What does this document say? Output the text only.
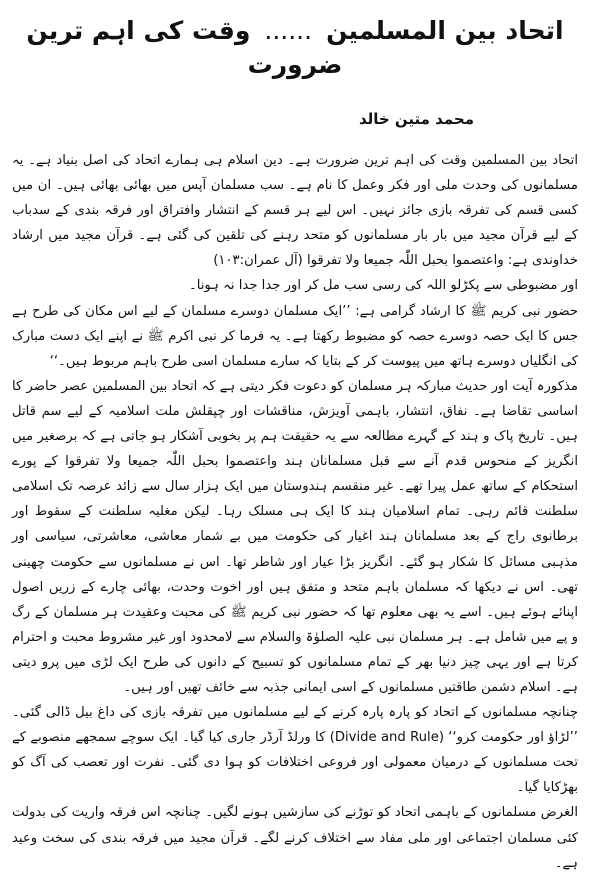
اتحاد بین المسلمین......وقت کی اہم ترین ضرورت
محمد متین خالد

اتحاد بین المسلمین وقت کی اہم ترین ضرورت ہے۔ دین اسلام ہی ہمارے اتحاد کی اصل بنیاد ہے۔ یہ مسلمانوں کی وحدت ملی اور فکر وعمل کا نام ہے۔ سب مسلمان آپس میں بھائی بھائی ہیں۔ ان میں کسی قسم کی تفرقہ بازی جائز نہیں۔ اس لیے ہر قسم کے انتشار وافتراق اور فرقہ بندی کے سدباب کے لیے قرآن مجید میں بار بار مسلمانوں کو متحد رہنے کی تلقین کی گئی ہے۔ قرآن مجید میں ارشاد خداوندی ہے: واعتصموا بحبل اللّٰہ جمیعا ولا تفرقوا (آل عمران:۱۰۳)

اور مضبوطی سے پکڑلو اللہ کی رسی سب مل کر اور جدا جدا نہ ہونا۔

حضور نبی کریم ﷺ کا ارشاد گرامی ہے: ’’ایک مسلمان دوسرے مسلمان کے لیے اس مکان کی طرح ہے جس کا ایک حصہ دوسرے حصہ کو مضبوط رکھتا ہے۔ یہ فرما کر نبی اکرم ﷺ نے اپنے ایک دست مبارک کی انگلیاں دوسرے ہاتھ میں پیوست کر کے بتایا کہ سارے مسلمان اسی طرح باہم مربوط ہیں۔‘‘

مذکورہ آیت اور حدیث مبارکہ ہر مسلمان کو دعوت فکر دیتی ہے کہ اتحاد بین المسلمین عصر حاضر کا اساسی تقاضا ہے۔ نفاق، انتشار، باہمی آویزش، مناقشات اور چپقلش ملت اسلامیہ کے لیے سم قاتل ہیں۔ تاریخ پاک و ہند کے گہرے مطالعہ سے یہ حقیقت ہم پر بخوبی آشکار ہو جاتی ہے کہ برصغیر میں انگریز کے منحوس قدم آنے سے قبل مسلمانان ہند واعتصموا بحبل اللّٰہ جمیعا ولا تفرقوا کے پورے استحکام کے ساتھ عمل پیرا تھے۔ غیر منقسم ہندوستان میں ایک ہزار سال سے زائد عرصہ تک اسلامی سلطنت قائم رہی۔ تمام اسلامیان ہند کا ایک ہی مسلک رہا۔ لیکن مغلیہ سلطنت کے سقوط اور برطانوی راج کے بعد مسلمانان ہند اغیار کی حکومت میں بے شمار معاشی، معاشرتی، سیاسی اور مذہبی مسائل کا شکار ہو گئے۔ انگریز بڑا عیار اور شاطر تھا۔ اس نے مسلمانوں سے حکومت چھینی تھی۔ اس نے دیکھا کہ مسلمان باہم متحد و متفق ہیں اور اخوت وحدت، بھائی چارے کے زریں اصول اپنائے ہوئے ہیں۔ اسے یہ بھی معلوم تھا کہ حضور نبی کریم ﷺ کی محبت وعقیدت ہر مسلمان کے رگ و پے میں شامل ہے۔ ہر مسلمان نبی علیہ الصلوٰۃ والسلام سے لامحدود اور غیر مشروط محبت و احترام کرتا ہے اور یہی چیز دنیا بھر کے تمام مسلمانوں کو تسبیح کے دانوں کی طرح ایک لڑی میں پرو دیتی ہے۔ اسلام دشمن طاقتیں مسلمانوں کے اسی ایمانی جذبہ سے خائف تھیں اور ہیں۔

چنانچہ مسلمانوں کے اتحاد کو پارہ پارہ کرنے کے لیے مسلمانوں میں تفرقہ بازی کی داغ بیل ڈالی گئی۔ ’’لڑاؤ اور حکومت کرو‘‘ (Divide and Rule) کا ورلڈ آرڈر جاری کیا گیا۔ ایک سوچے سمجھے منصوبے کے تحت مسلمانوں کے درمیان معمولی اور فروعی اختلافات کو ہوا دی گئی۔ نفرت اور تعصب کی آگ کو بھڑکایا گیا۔

الغرض مسلمانوں کے باہمی اتحاد کو توڑنے کی سازشیں ہونے لگیں۔ چنانچہ اس فرقہ واریت کی بدولت کئی مسلمان اجتماعی اور ملی مفاد سے اختلاف کرنے لگے۔ قرآن مجید میں فرقہ بندی کی سخت وعید ہے۔
